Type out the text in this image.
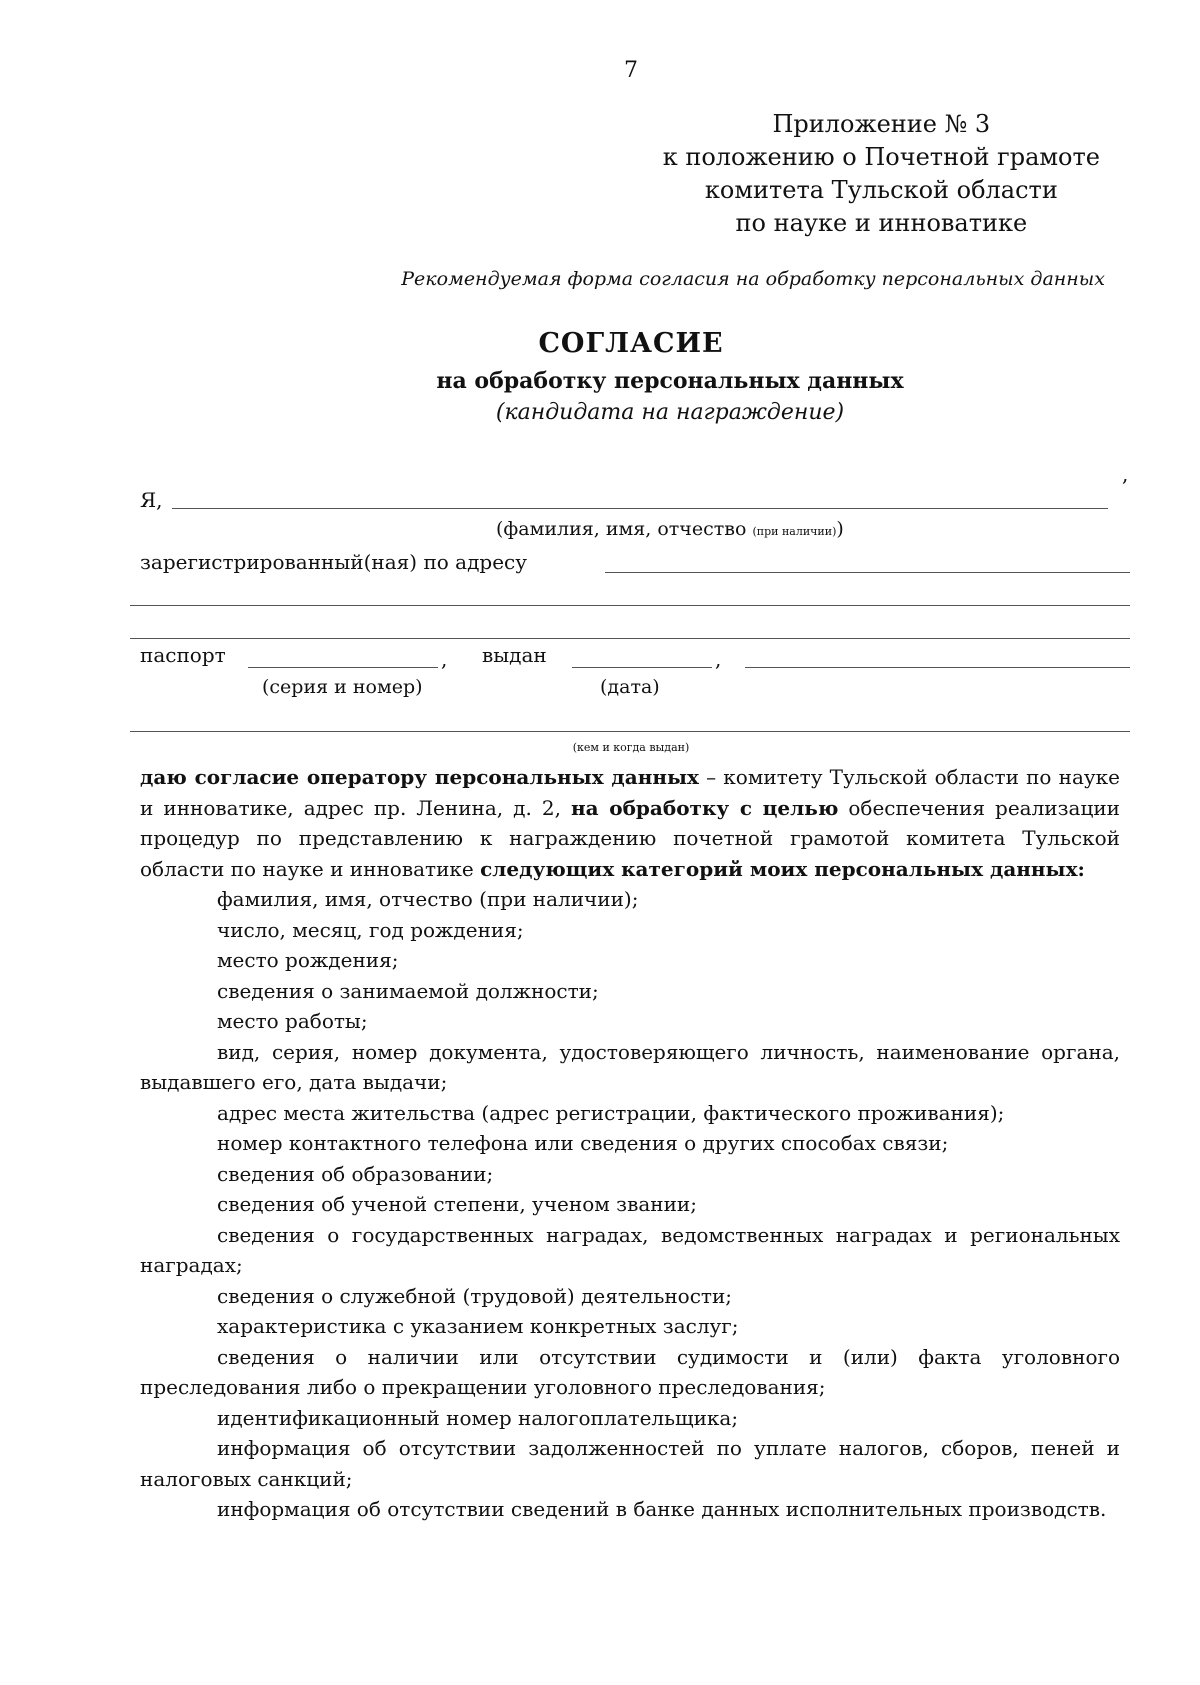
7
Приложение № 3
к положению о Почетной грамоте
комитета Тульской области
по науке и инноватике
Рекомендуемая форма согласия на обработку персональных данных
СОГЛАСИЕ
на обработку персональных данных
(кандидата на награждение)
Я,
,
(фамилия, имя, отчество (при наличии))
зарегистрированный(ная) по адресу
паспорт	, выдан	,
(серия и номер)	(дата)
(кем и когда выдан)

даю согласие оператору персональных данных – комитету Тульской области по науке и инноватике, адрес пр. Ленина, д. 2, на обработку с целью обеспечения реализации процедур по представлению к награждению почетной грамотой комитета Тульской области по науке и инноватике следующих категорий моих персональных данных:

фамилия, имя, отчество (при наличии);

число, месяц, год рождения;

место рождения;

сведения о занимаемой должности;

место работы;

вид, серия, номер документа, удостоверяющего личность, наименование органа, выдавшего его, дата выдачи;

адрес места жительства (адрес регистрации, фактического проживания);

номер контактного телефона или сведения о других способах связи;

сведения об образовании;

сведения об ученой степени, ученом звании;

сведения о государственных наградах, ведомственных наградах и региональных наградах;

сведения о служебной (трудовой) деятельности;

характеристика с указанием конкретных заслуг;

сведения о наличии или отсутствии судимости и (или) факта уголовного преследования либо о прекращении уголовного преследования;

идентификационный номер налогоплательщика;

информация об отсутствии задолженностей по уплате налогов, сборов, пеней и налоговых санкций;

информация об отсутствии сведений в банке данных исполнительных производств.
